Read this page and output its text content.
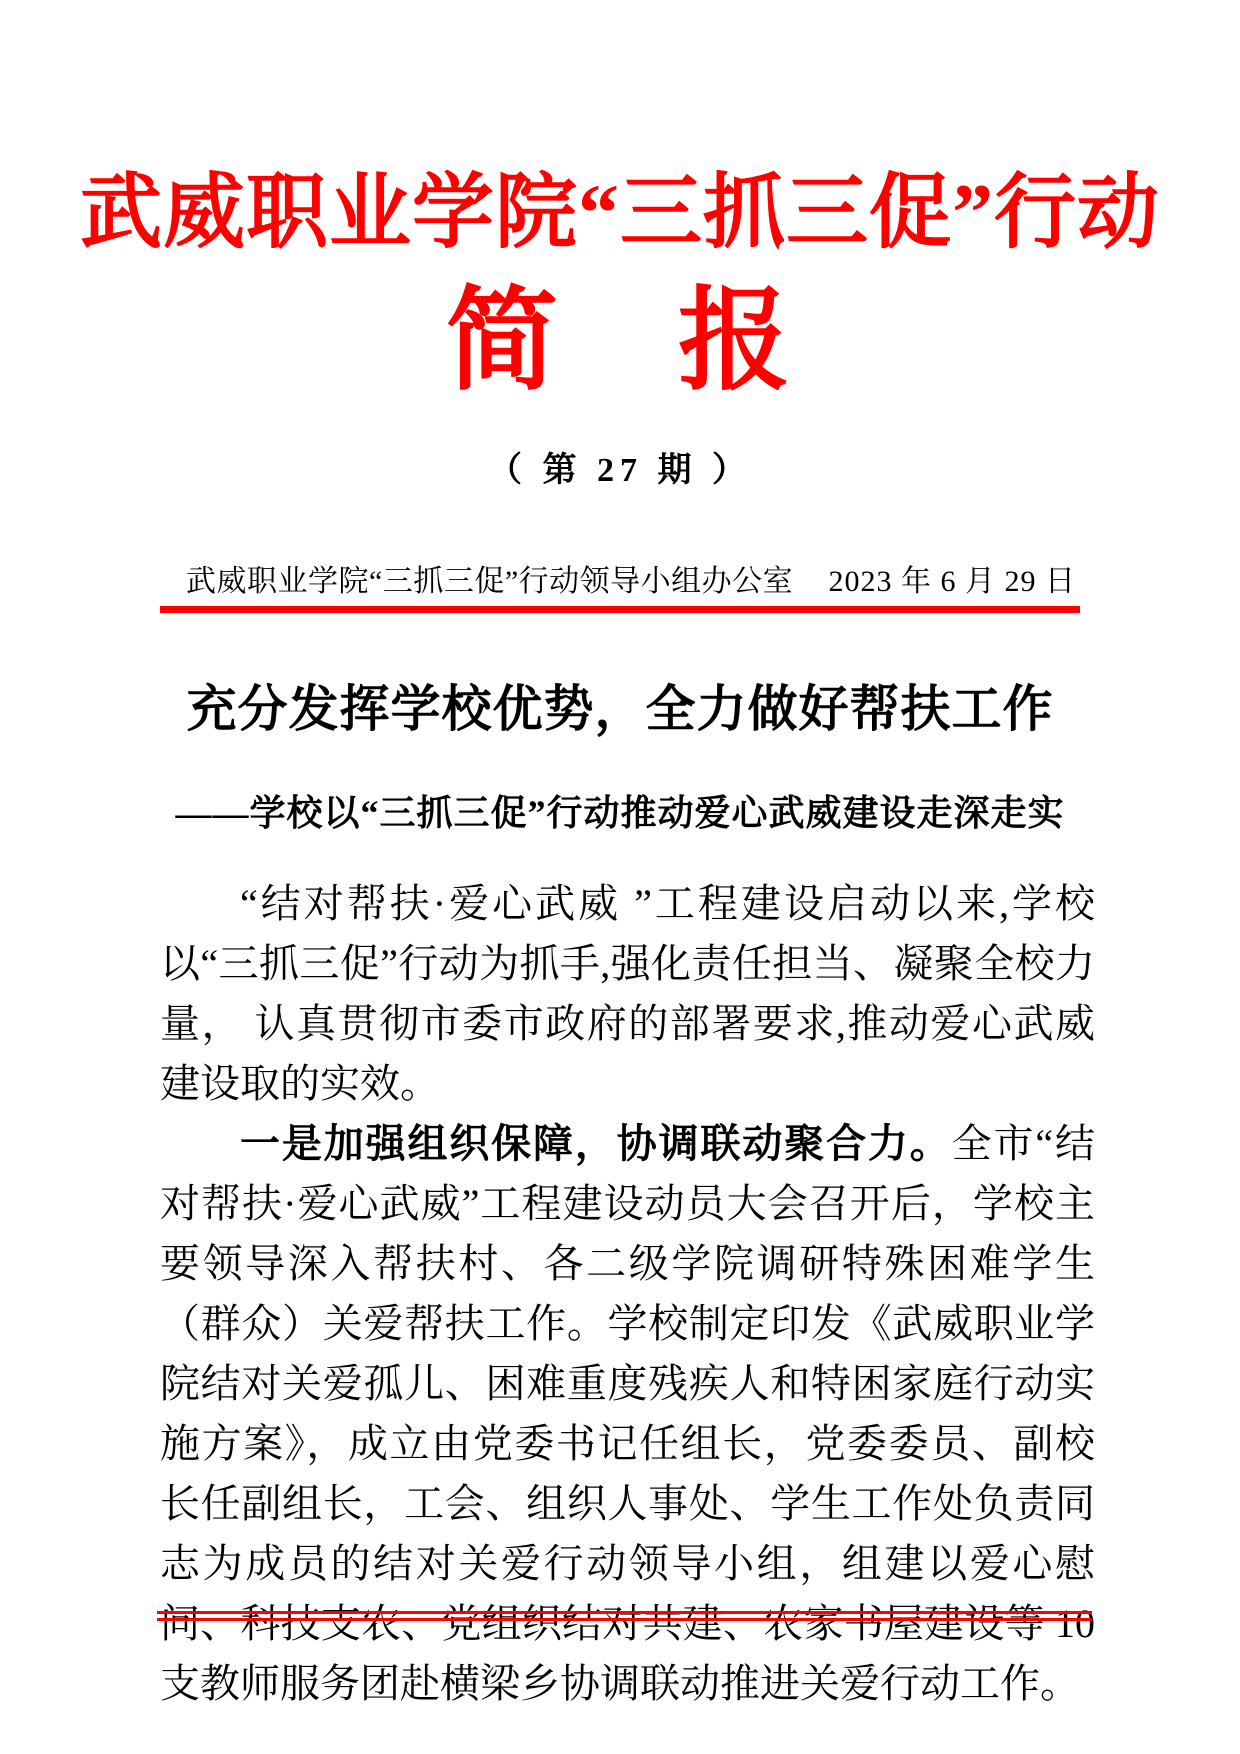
武威职业学院“三抓三促”行动
简　报
（ 第 27 期 ）
武威职业学院“三抓三促”行动领导小组办公室 2023 年 6 月 29 日
充分发挥学校优势，全力做好帮扶工作
——学校以“三抓三促”行动推动爱心武威建设走深走实

“结对帮扶·爱心武威 ”工程建设启动以来,学校以“三抓三促”行动为抓手,强化责任担当、凝聚全校力量， 认真贯彻市委市政府的部署要求,推动爱心武威建设取的实效。

一是加强组织保障，协调联动聚合力。全市“结对帮扶·爱心武威”工程建设动员大会召开后，学校主要领导深入帮扶村、各二级学院调研特殊困难学生（群众）关爱帮扶工作。学校制定印发《武威职业学院结对关爱孤儿、困难重度残疾人和特困家庭行动实施方案》，成立由党委书记任组长，党委委员、副校长任副组长，工会、组织人事处、学生工作处负责同志为成员的结对关爱行动领导小组，组建以爱心慰问、科技支农、党组织结对共建、农家书屋建设等 10 支教师服务团赴横梁乡协调联动推进关爱行动工作。
